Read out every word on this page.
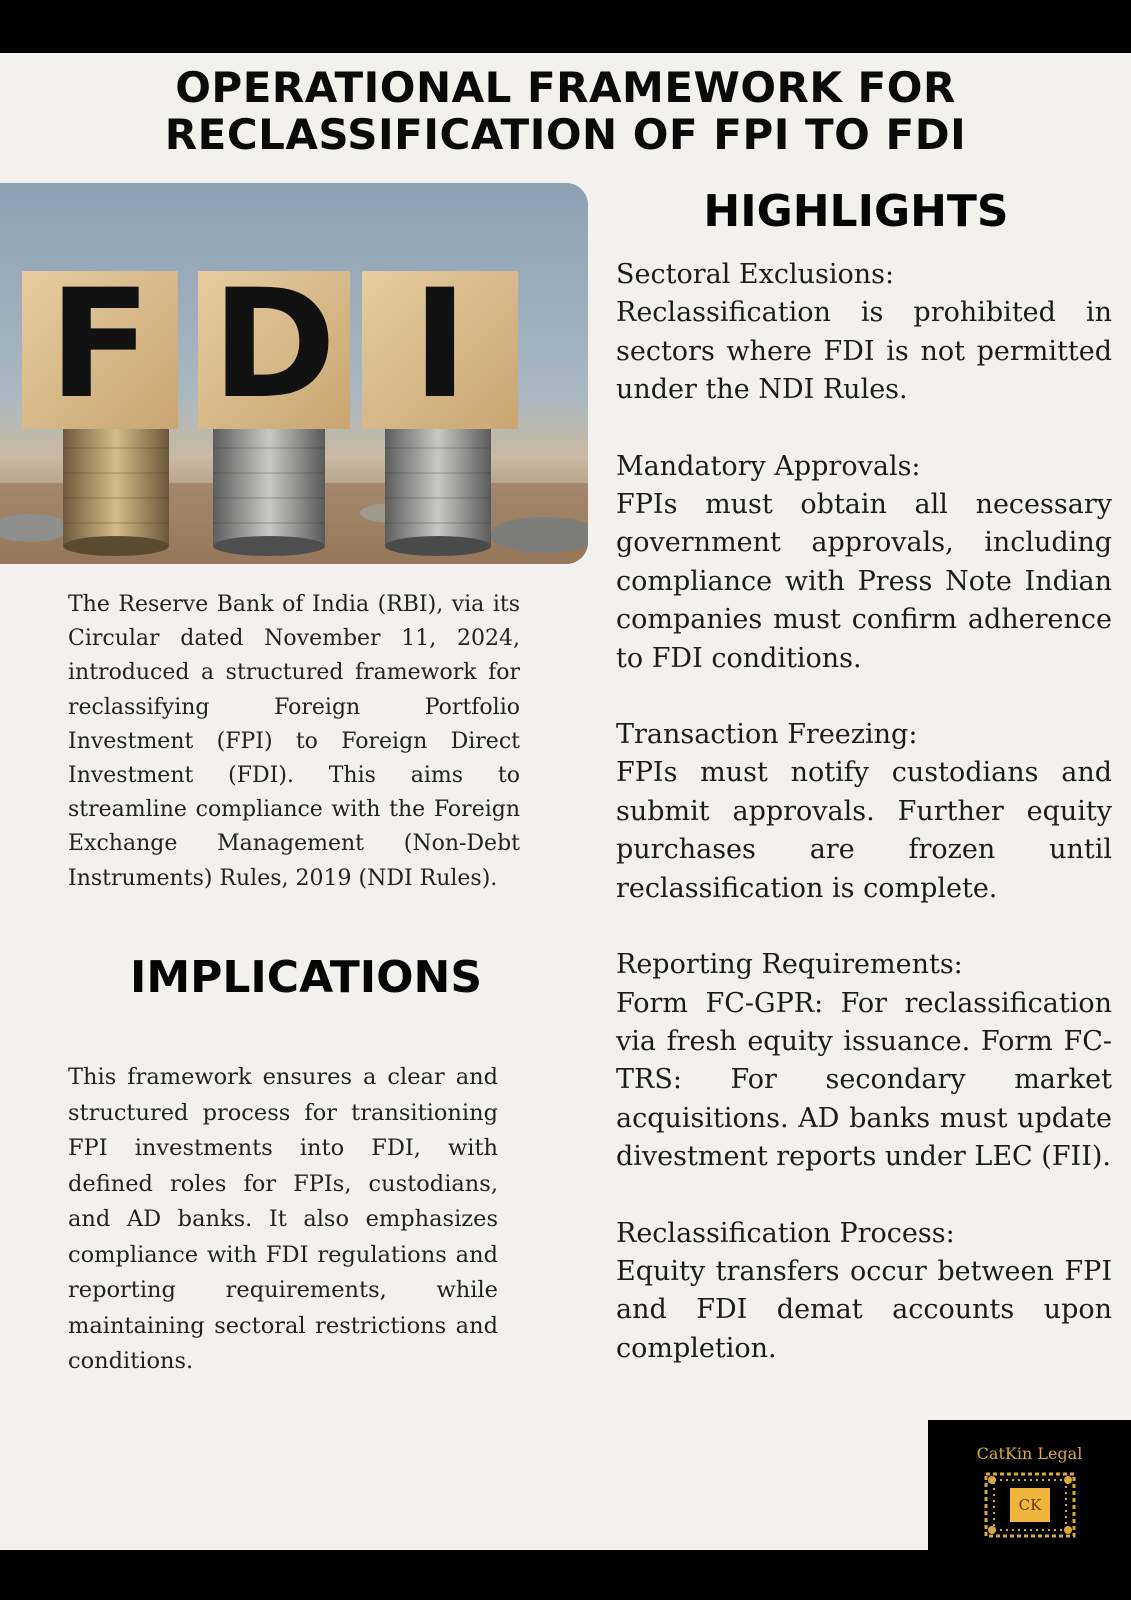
OPERATIONAL FRAMEWORK FOR
RECLASSIFICATION OF FPI TO FDI
F D I

The Reserve Bank of India (RBI), via its Circular dated November 11, 2024, introduced a structured framework for reclassifying Foreign Portfolio Investment (FPI) to Foreign Direct Investment (FDI). This aims to streamline compliance with the Foreign Exchange Management (Non-Debt Instruments) Rules, 2019 (NDI Rules).

IMPLICATIONS

This framework ensures a clear and structured process for transitioning FPI investments into FDI, with defined roles for FPIs, custodians, and AD banks. It also emphasizes compliance with FDI regulations and reporting requirements, while maintaining sectoral restrictions and conditions.

HIGHLIGHTS
Sectoral Exclusions:
Reclassification is prohibited in sectors where FDI is not permitted under the NDI Rules.
Mandatory Approvals:
FPIs must obtain all necessary government approvals, including compliance with Press Note Indian companies must confirm adherence to FDI conditions.
Transaction Freezing:
FPIs must notify custodians and submit approvals. Further equity purchases are frozen until reclassification is complete.
Reporting Requirements:
Form FC-GPR: For reclassification via fresh equity issuance. Form FC-TRS: For secondary market acquisitions. AD banks must update divestment reports under LEC (FII).
Reclassification Process:
Equity transfers occur between FPI and FDI demat accounts upon completion.
CatKin Legal
CK
